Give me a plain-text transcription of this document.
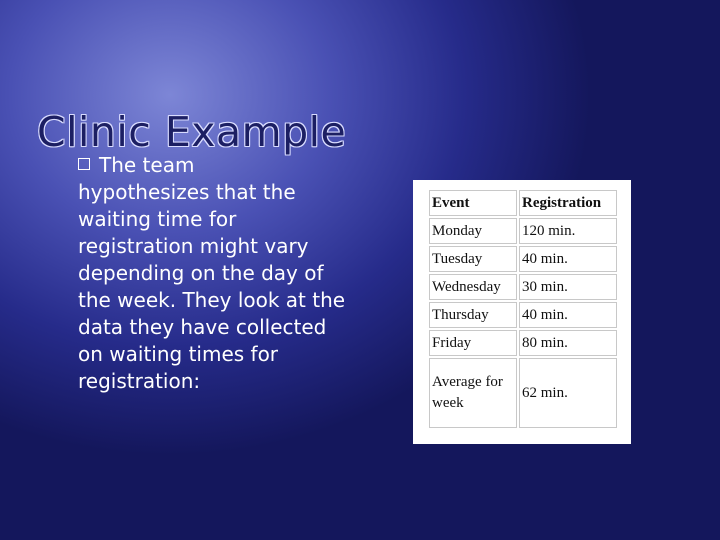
Clinic Example
The team
hypothesizes that the waiting time for registration might vary depending on the day of the week. They look at the data they have collected on waiting times for registration:
Event	Registration
Monday	120 min.
Tuesday	40 min.
Wednesday	30 min.
Thursday	40 min.
Friday	80 min.
Average for week	62 min.
